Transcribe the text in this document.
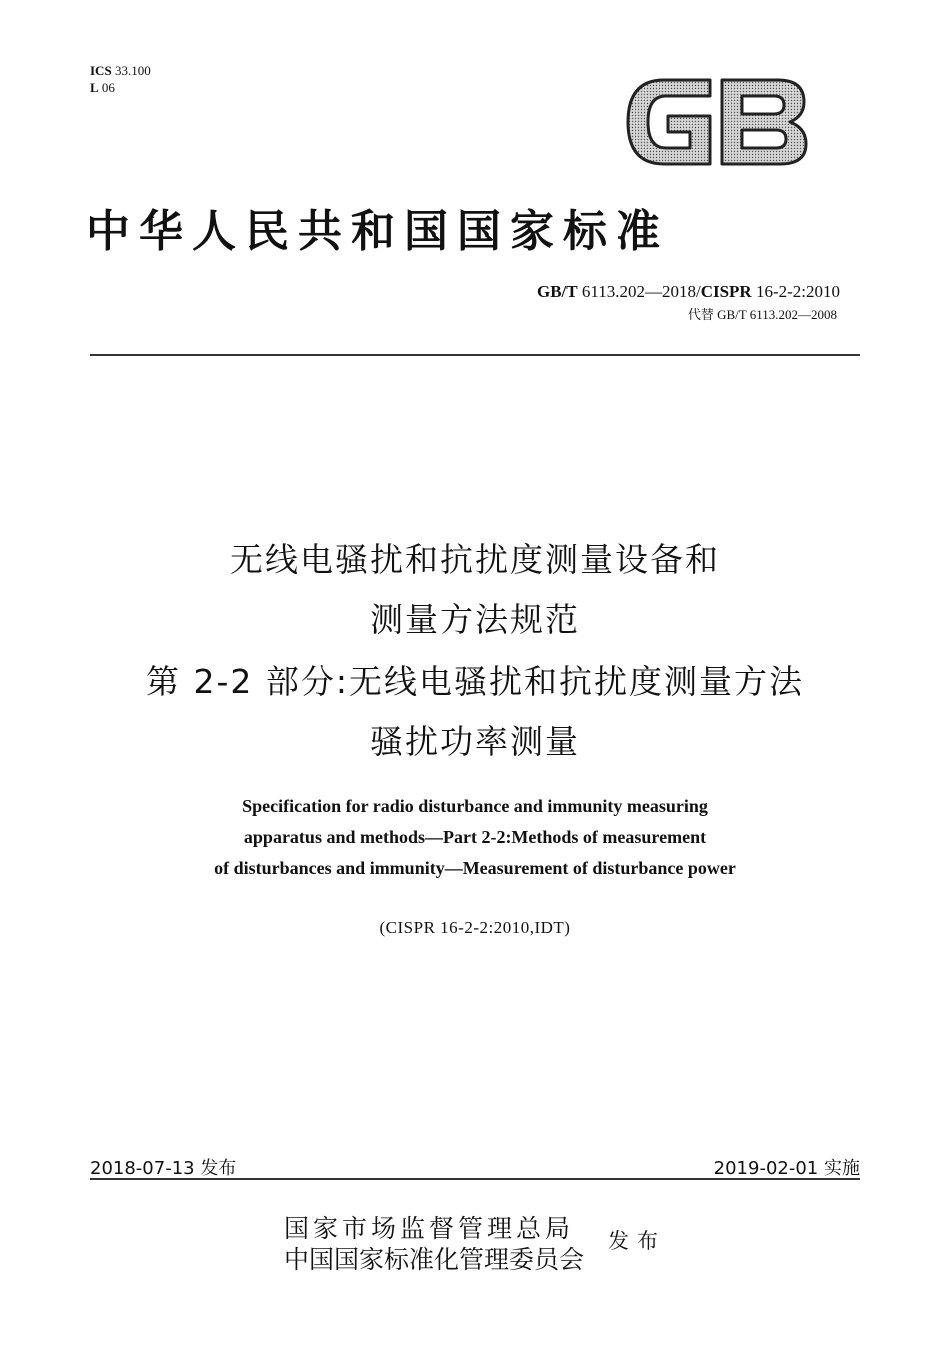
ICS 33.100
L 06
GB
中华人民共和国国家标准
GB/T 6113.202—2018/CISPR 16-2-2:2010
代替 GB/T 6113.202—2008
无线电骚扰和抗扰度测量设备和
测量方法规范
第 2-2 部分:无线电骚扰和抗扰度测量方法
骚扰功率测量
Specification for radio disturbance and immunity measuring
apparatus and methods—Part 2-2:Methods of measurement
of disturbances and immunity—Measurement of disturbance power
(CISPR 16-2-2:2010,IDT)
2018-07-13 发布	2019-02-01 实施
国家市场监督管理总局
中国国家标准化管理委员会
发布
